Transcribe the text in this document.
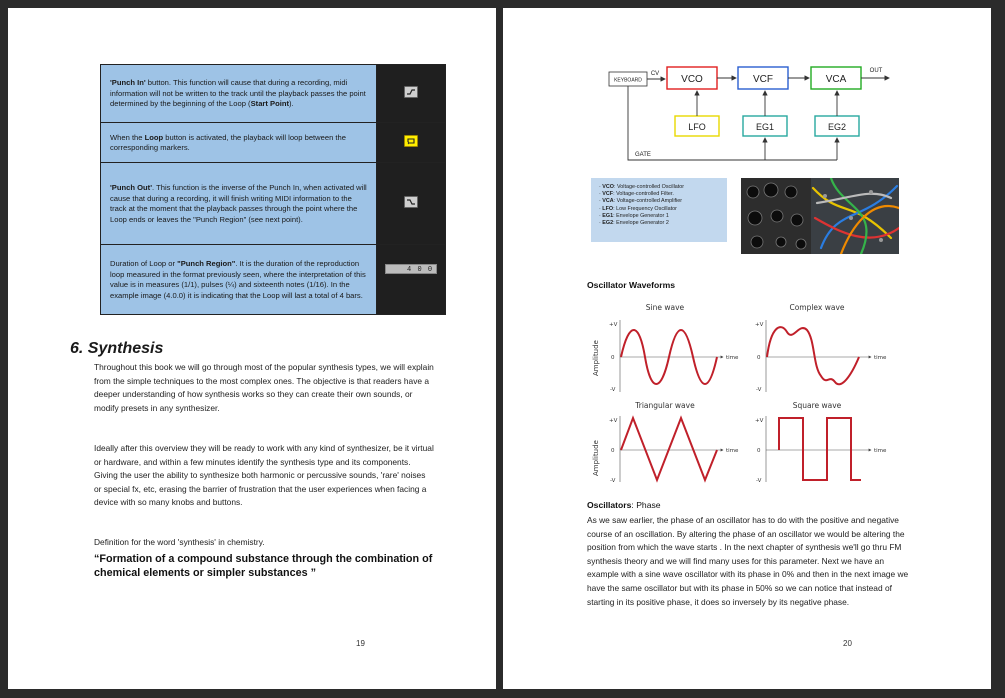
'Punch In' button. This function will cause that during a recording, midi information will not be written to the track until the playback passes the point determined by the beginning of the Loop (Start Point).	

When the Loop button is activated, the playback will loop between the corresponding markers.	

'Punch Out'. This function is the inverse of the Punch In, when activated will cause that during a recording, it will finish writing MIDI information to the track at the moment that the playback passes through the point where the Loop ends or leaves the "Punch Region" (see next point).	

Duration of Loop or "Punch Region". It is the duration of the reproduction loop measured in the format previously seen, where the interpretation of this value is in measures (1/1), pulses (¼) and sixteenth notes (1/16). In the example image (4.0.0) it is indicating that the Loop will last a total of 4 bars.	4 0 0
6. Synthesis
Throughout this book we will go through most of the popular synthesis types, we will explain from the simple techniques to the most complex ones. The objective is that readers have a deeper understanding of how synthesis works so they can create their own sounds, or modify presets in any synthesizer.
Ideally after this overview they will be ready to work with any kind of synthesizer, be it virtual or hardware, and within a few minutes identify the synthesis type and its components. Giving the user the ability to synthesize both harmonic or percussive sounds, 'rare' noises or special fx, etc, erasing the barrier of frustration that the user experiences when facing a device with so many knobs and buttons.
Definition for the word 'synthesis' in chemistry.
“Formation of a compound substance through the combination of chemical elements or simpler substances ”
19
KEYBOARD
CV VCO	VCF	VCA
OUT
LFO	EG1	EG2
GATE
· VCO: Voltage-controlled Oscillator
· VCF: Voltage-controlled Filter.
· VCA: Voltage-controlled Amplifier
· LFO: Low Frequency Oscillator
· EG1: Envelope Generator 1
· EG2: Envelope Generator 2
Oscillator Waveforms
Amplitude
Amplitude
Sine wave
+V
0
-V
time
Complex wave
+V
0
-V
time
Triangular wave
+V
0
-V
time
Square wave
+V
0
-V
time
Oscillators: Phase
As we saw earlier, the phase of an oscillator has to do with the positive and negative course of an oscillation. By altering the phase of an oscillator we would be altering the position from which the wave starts . In the next chapter of synthesis we'll go thru FM synthesis theory and we will find many uses for this parameter. Next we have an example with a sine wave oscillator with its phase in 0% and then in the next image we have the same oscillator but with its phase in 50% so we can notice that instead of starting in its positive phase, it does so inversely by its negative phase.
20
